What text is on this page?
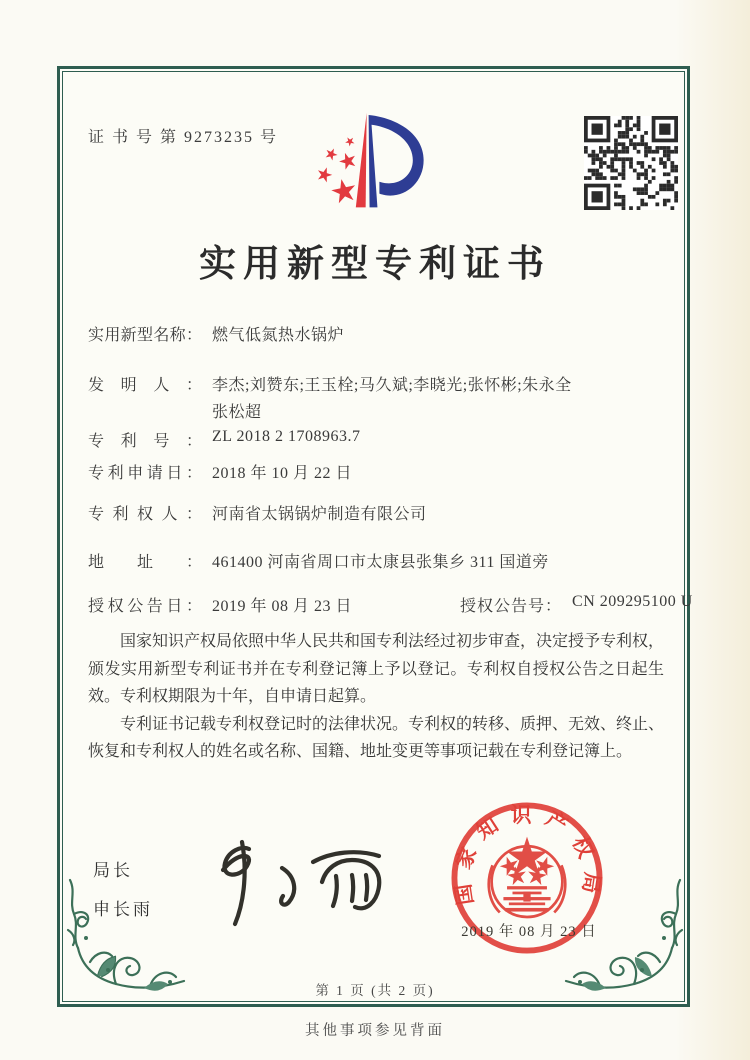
证 书 号 第 9273235 号
实用新型专利证书
实用新型名称： 燃气低氮热水锅炉
发明人： 李杰;刘赞东;王玉栓;马久斌;李晓光;张怀彬;朱永全
张松超
专利号： ZL 2018 2 1708963.7
专利申请日： 2018 年 10 月 22 日
专利权人： 河南省太锅锅炉制造有限公司
地址： 461400 河南省周口市太康县张集乡 311 国道旁
授权公告日： 2019 年 08 月 23 日	授权公告号： CN 209295100 U

国家知识产权局依照中华人民共和国专利法经过初步审查，决定授予专利权，颁发实用新型专利证书并在专利登记簿上予以登记。专利权自授权公告之日起生效。专利权期限为十年，自申请日起算。

专利证书记载专利权登记时的法律状况。专利权的转移、质押、无效、终止、恢复和专利权人的姓名或名称、国籍、地址变更等事项记载在专利登记簿上。

局长
申长雨
国家知识产权局
2019 年 08 月 23 日
第 1 页 (共 2 页)
其他事项参见背面
